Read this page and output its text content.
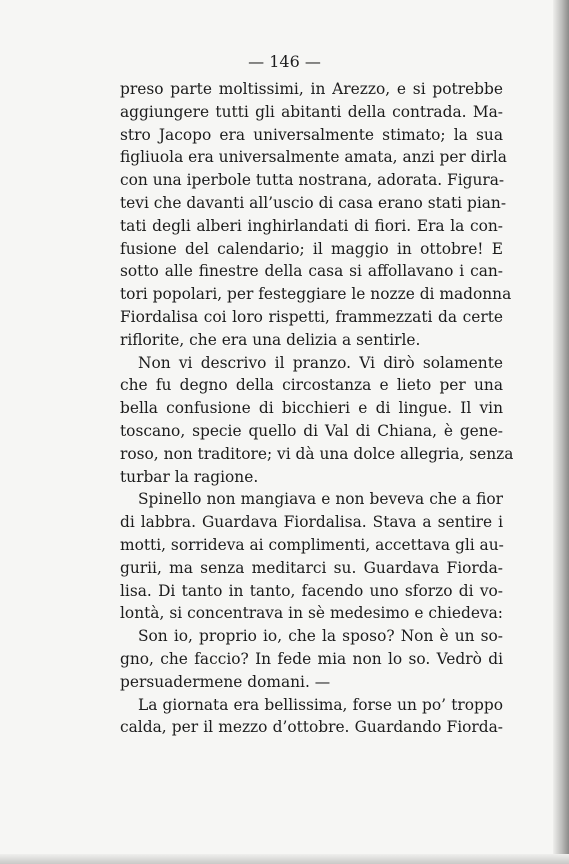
— 146 —
preso parte moltissimi, in Arezzo, e si potrebbe
aggiungere tutti gli abitanti della contrada. Ma-
stro Jacopo era universalmente stimato; la sua
figliuola era universalmente amata, anzi per dirla
con una iperbole tutta nostrana, adorata. Figura-
tevi che davanti all’uscio di casa erano stati pian-
tati degli alberi inghirlandati di fiori. Era la con-
fusione del calendario; il maggio in ottobre! E
sotto alle finestre della casa si affollavano i can-
tori popolari, per festeggiare le nozze di madonna
Fiordalisa coi loro rispetti, frammezzati da certe
riflorite, che era una delizia a sentirle.
Non vi descrivo il pranzo. Vi dirò solamente
che fu degno della circostanza e lieto per una
bella confusione di bicchieri e di lingue. Il vin
toscano, specie quello di Val di Chiana, è gene-
roso, non traditore; vi dà una dolce allegria, senza
turbar la ragione.
Spinello non mangiava e non beveva che a fior
di labbra. Guardava Fiordalisa. Stava a sentire i
motti, sorrideva ai complimenti, accettava gli au-
gurii, ma senza meditarci su. Guardava Fiorda-
lisa. Di tanto in tanto, facendo uno sforzo di vo-
lontà, si concentrava in sè medesimo e chiedeva:
Son io, proprio io, che la sposo? Non è un so-
gno, che faccio? In fede mia non lo so. Vedrò di
persuadermene domani. —
La giornata era bellissima, forse un po’ troppo
calda, per il mezzo d’ottobre. Guardando Fiorda-
